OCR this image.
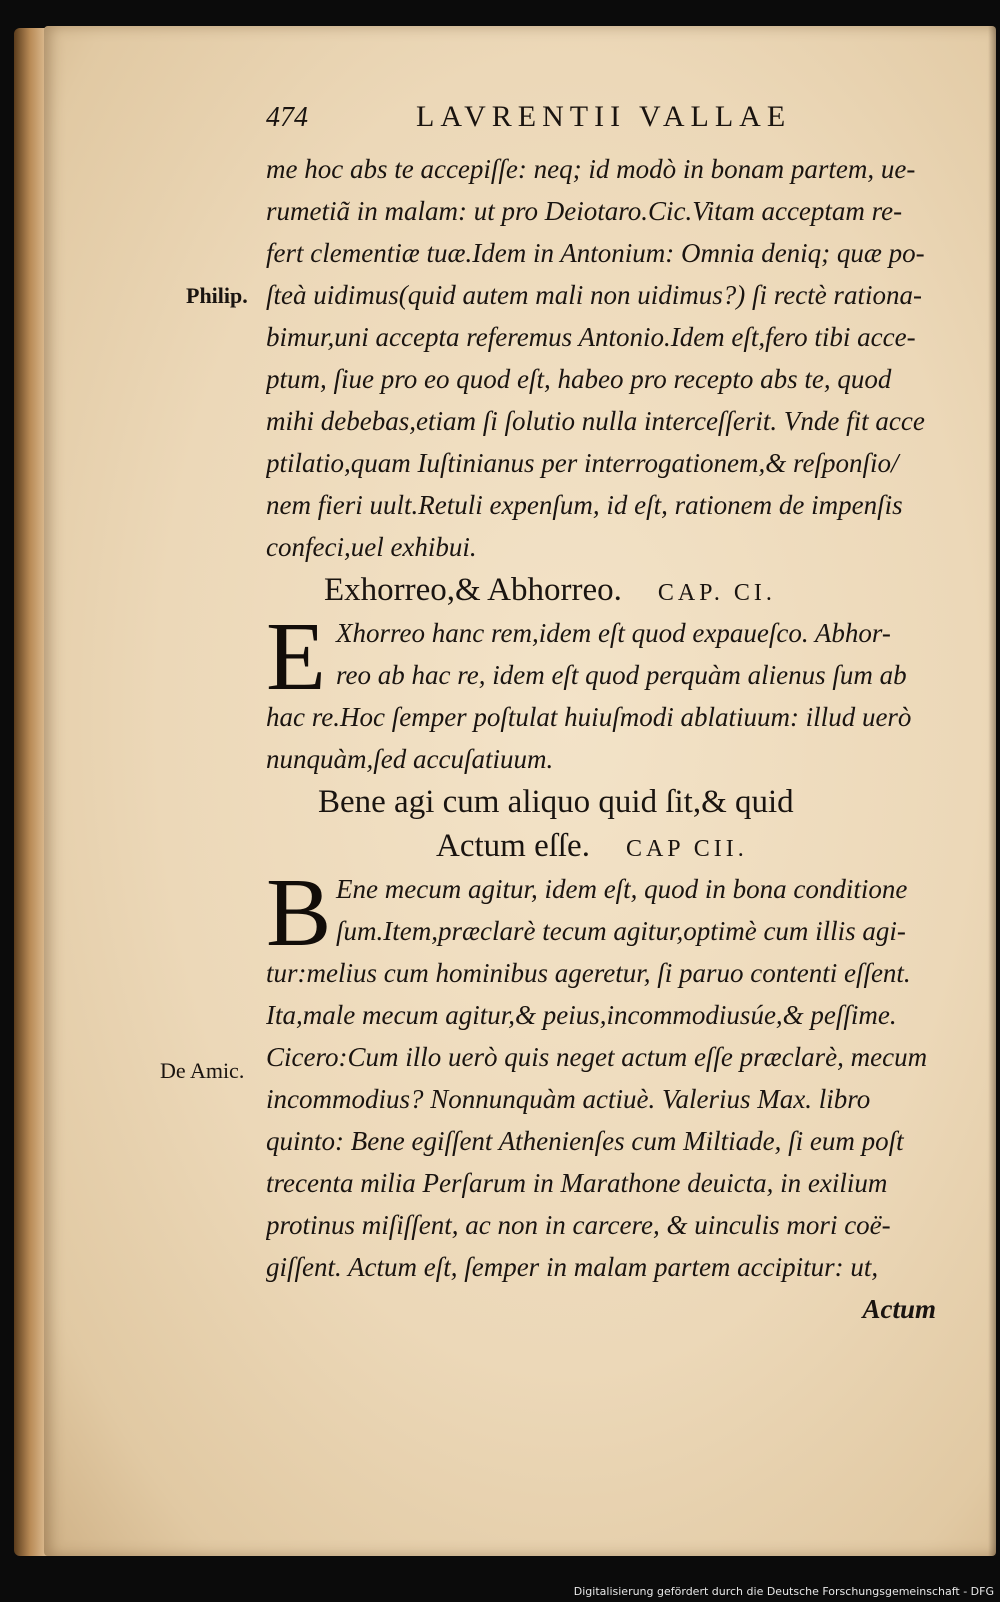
Philip.
De Amic.
474	LAVRENTII VALLAE
me hoc abs te accepiſſe: neq; id modò in bonam partem, ue-
rumetiã in malam: ut pro Deiotaro.Cic.Vitam acceptam re-
fert clementiæ tuæ.Idem in Antonium: Omnia deniq; quæ po-
ſteà uidimus(quid autem mali non uidimus?) ſi rectè rationa-
bimur,uni accepta referemus Antonio.Idem eſt,fero tibi acce-
ptum, ſiue pro eo quod eſt, habeo pro recepto abs te, quod
mihi debebas,etiam ſi ſolutio nulla interceſſerit. Vnde fit acce
ptilatio,quam Iuſtinianus per interrogationem,& reſponſio/
nem fieri uult.Retuli expenſum, id eſt, rationem de impenſis
confeci,uel exhibui.
Exhorreo,& Abhorreo. CAP. CI.
E Xhorreo hanc rem,idem eſt quod expaueſco. Abhor-
reo ab hac re, idem eſt quod perquàm alienus ſum ab
hac re.Hoc ſemper poſtulat huiuſmodi ablatiuum: illud uerò
nunquàm,ſed accuſatiuum.
Bene agi cum aliquo quid ſit,& quid
Actum eſſe. CAP CII.
B Ene mecum agitur, idem eſt, quod in bona conditione
ſum.Item,præclarè tecum agitur,optimè cum illis agi-
tur:melius cum hominibus ageretur, ſi paruo contenti eſſent.
Ita,male mecum agitur,& peius,incommodiusúe,& peſſime.
Cicero:Cum illo uerò quis neget actum eſſe præclarè, mecum
incommodius? Nonnunquàm actiuè. Valerius Max. libro
quinto: Bene egiſſent Athenienſes cum Miltiade, ſi eum poſt
trecenta milia Perſarum in Marathone deuicta, in exilium
protinus miſiſſent, ac non in carcere, & uinculis mori coë-
giſſent. Actum eſt, ſemper in malam partem accipitur: ut,
Actum
Digitalisierung gefördert durch die Deutsche Forschungsgemeinschaft - DFG
